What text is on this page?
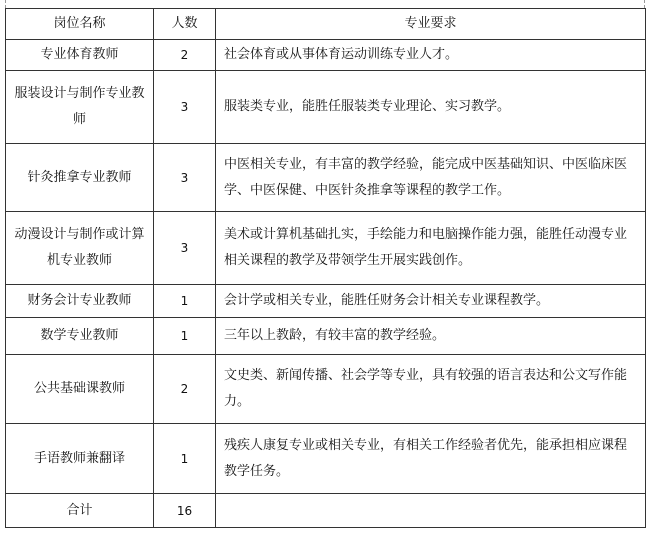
岗位名称	人数	专业要求
专业体育教师	2	社会体育或从事体育运动训练专业人才。
服装设计与制作专业教师	3	服装类专业，能胜任服装类专业理论、实习教学。
针灸推拿专业教师	3	中医相关专业，有丰富的教学经验，能完成中医基础知识、中医临床医学、中医保健、中医针灸推拿等课程的教学工作。
动漫设计与制作或计算机专业教师	3	美术或计算机基础扎实，手绘能力和电脑操作能力强，能胜任动漫专业相关课程的教学及带领学生开展实践创作。
财务会计专业教师	1	会计学或相关专业，能胜任财务会计相关专业课程教学。
数学专业教师	1	三年以上教龄，有较丰富的教学经验。
公共基础课教师	2	文史类、新闻传播、社会学等专业，具有较强的语言表达和公文写作能力。
手语教师兼翻译	1	残疾人康复专业或相关专业，有相关工作经验者优先，能承担相应课程教学任务。
合计	16	
